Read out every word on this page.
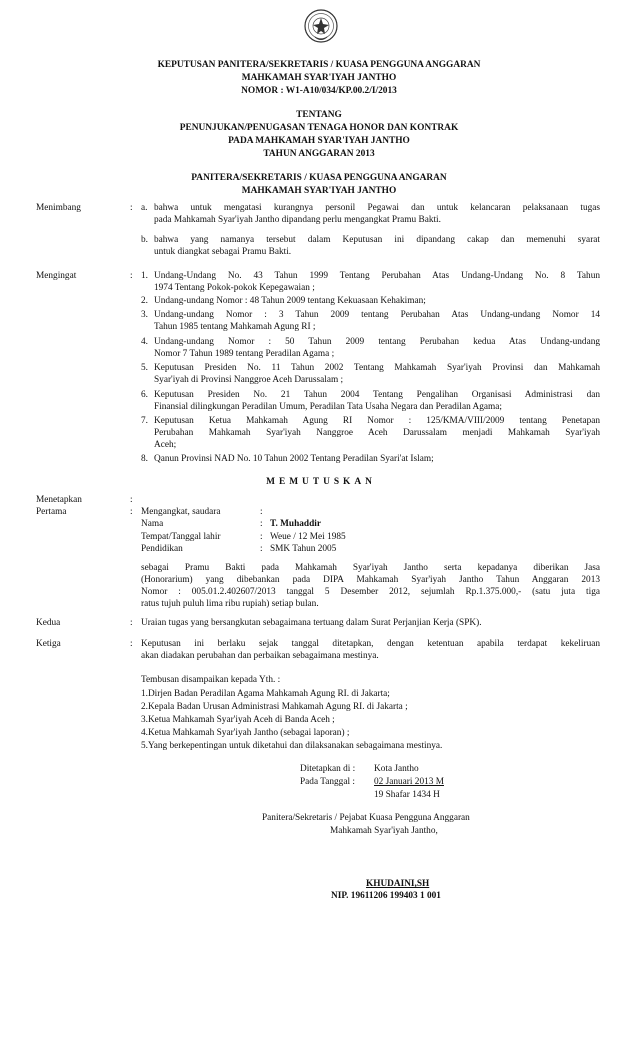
KEPUTUSAN PANITERA/SEKRETARIS / KUASA PENGGUNA ANGGARAN
MAHKAMAH SYAR'IYAH JANTHO
NOMOR : W1-A10/034/KP.00.2/I/2013
TENTANG
PENUNJUKAN/PENUGASAN TENAGA HONOR DAN KONTRAK
PADA MAHKAMAH SYAR'IYAH JANTHO
TAHUN ANGGARAN 2013
PANITERA/SEKRETARIS / KUASA PENGGUNA ANGARAN
MAHKAMAH SYAR'IYAH JANTHO
Menimbang	: a. bahwa untuk mengatasi kurangnya personil Pegawai dan untuk kelancaran pelaksanaan tugas
pada Mahkamah Syar'iyah Jantho dipandang perlu mengangkat Pramu Bakti.
b. bahwa yang namanya tersebut dalam Keputusan ini dipandang cakap dan memenuhi syarat
untuk diangkat sebagai Pramu Bakti.
Mengingat	: 1. Undang-Undang No. 43 Tahun 1999 Tentang Perubahan Atas Undang-Undang No. 8 Tahun
1974 Tentang Pokok-pokok Kepegawaian ;
2. Undang-undang Nomor : 48 Tahun 2009 tentang Kekuasaan Kehakiman;
3. Undang-undang Nomor : 3 Tahun 2009 tentang Perubahan Atas Undang-undang Nomor 14
Tahun 1985 tentang Mahkamah Agung RI ;
4. Undang-undang Nomor : 50 Tahun 2009 tentang Perubahan kedua Atas Undang-undang
Nomor 7 Tahun 1989 tentang Peradilan Agama ;
5. Keputusan Presiden No. 11 Tahun 2002 Tentang Mahkamah Syar'iyah Provinsi dan Mahkamah
Syar'iyah di Provinsi Nanggroe Aceh Darussalam ;
6. Keputusan Presiden No. 21 Tahun 2004 Tentang Pengalihan Organisasi Administrasi dan
Finansial dilingkungan Peradilan Umum, Peradilan Tata Usaha Negara dan Peradilan Agama;
7. Keputusan Ketua Mahkamah Agung RI Nomor : 125/KMA/VIII/2009 tentang Penetapan
Perubahan Mahkamah Syar'iyah Nanggroe Aceh Darussalam menjadi Mahkamah Syar'iyah
Aceh;
8. Qanun Provinsi NAD No. 10 Tahun 2002 Tentang Peradilan Syari'at Islam;
MEMUTUSKAN
Menetapkan	:
Pertama	: Mengangkat, saudara	:
Nama	: T. Muhaddir
Tempat/Tanggal lahir	: Weue / 12 Mei 1985
Pendidikan	: SMK Tahun 2005
sebagai Pramu Bakti pada Mahkamah Syar'iyah Jantho serta kepadanya diberikan Jasa
(Honorarium) yang dibebankan pada DIPA Mahkamah Syar'iyah Jantho Tahun Anggaran 2013
Nomor : 005.01.2.402607/2013 tanggal 5 Desember 2012, sejumlah Rp.1.375.000,- (satu juta tiga
ratus tujuh puluh lima ribu rupiah) setiap bulan.
Kedua	: Uraian tugas yang bersangkutan sebagaimana tertuang dalam Surat Perjanjian Kerja (SPK).
Ketiga	: Keputusan ini berlaku sejak tanggal ditetapkan, dengan ketentuan apabila terdapat kekeliruan
akan diadakan perubahan dan perbaikan sebagaimana mestinya.
Tembusan disampaikan kepada Yth. :
1.Dirjen Badan Peradilan Agama Mahkamah Agung RI. di Jakarta;
2.Kepala Badan Urusan Administrasi Mahkamah Agung RI. di Jakarta ;
3.Ketua Mahkamah Syar'iyah Aceh di Banda Aceh ;
4.Ketua Mahkamah Syar'iyah Jantho (sebagai laporan) ;
5.Yang berkepentingan untuk diketahui dan dilaksanakan sebagaimana mestinya.
Ditetapkan di : Kota Jantho
Pada Tanggal : 02 Januari 2013 M
19 Shafar 1434 H
Panitera/Sekretaris / Pejabat Kuasa Pengguna Anggaran
Mahkamah Syar'iyah Jantho,
KHUDAINI,SH
NIP. 19611206 199403 1 001
